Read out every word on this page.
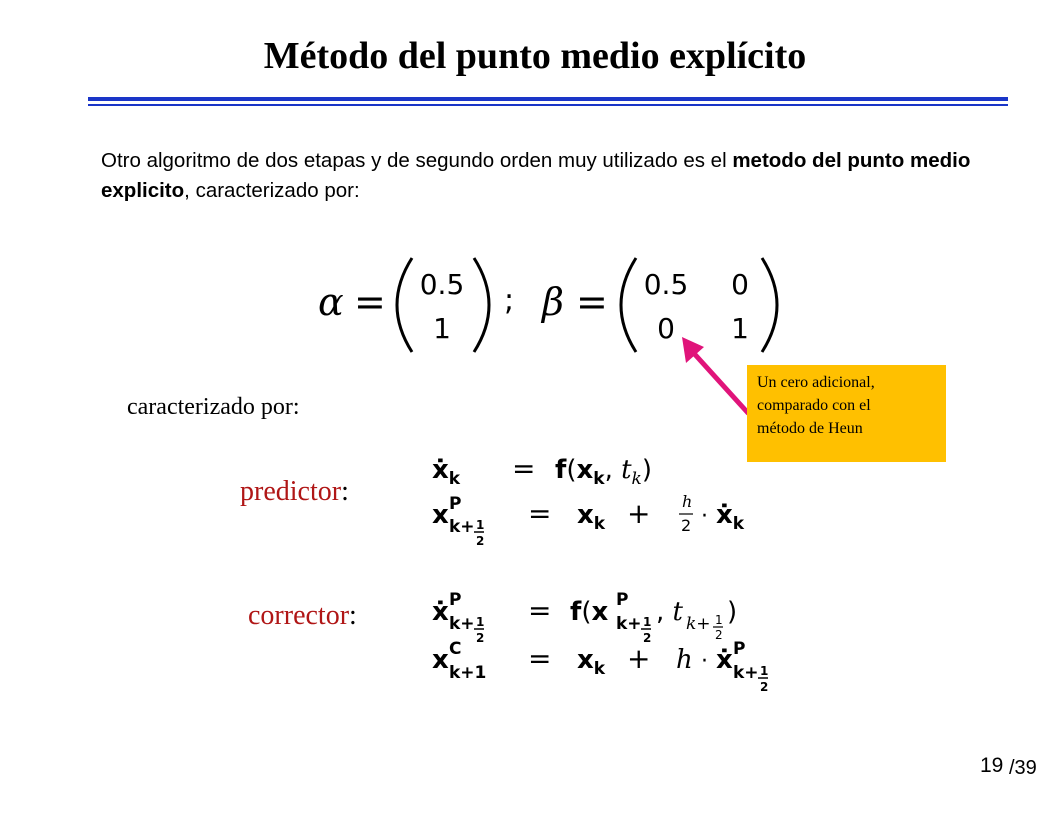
Método del punto medio explícito
Otro algoritmo de dos etapas y de segundo orden muy utilizado es el metodo del punto medio explicito, caracterizado por:
α = 0.5
1
; β = 0.5 0
0 1
Un cero adicional,
comparado con el
método de Heun
caracterizado por:
predictor:
corrector:
ẋ$_k$ = $f(x_k$, $t_k$)
x P
k+ 1
2
= $x_k + h$
2 · ẋ$_k$
ẋ P
k+ 1
2
= f(x P
k+ 1
2
, t k+ 1
2
)
x C
$k+1 = x_k + h$ · ẋ P
k+ 1
2
19 /39
